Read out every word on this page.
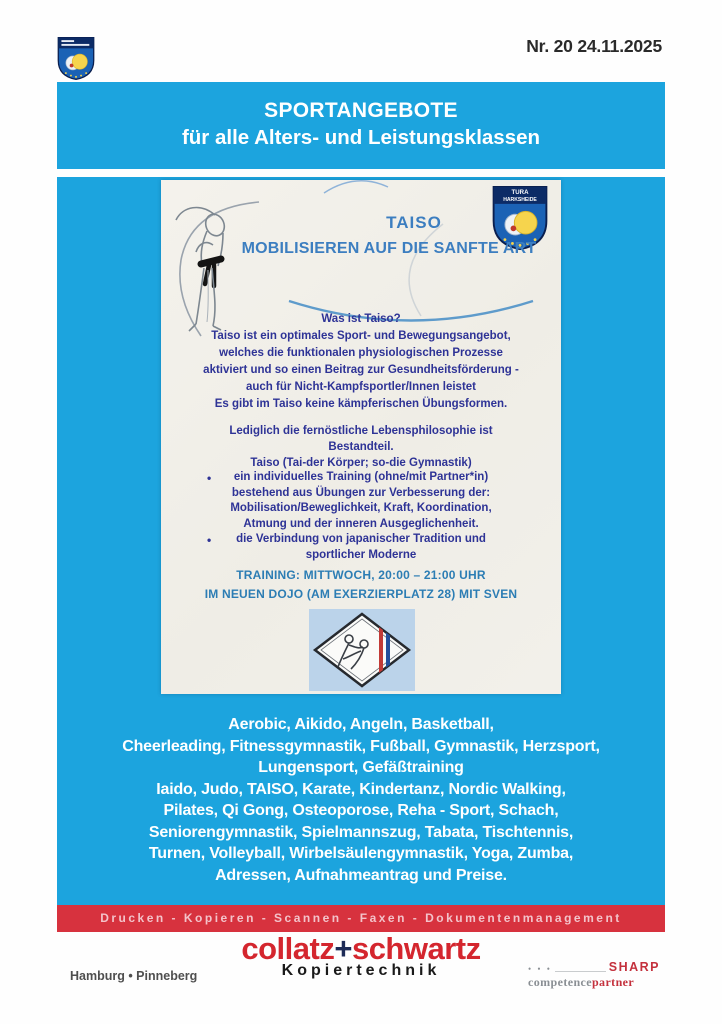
Nr. 20 24.11.2025
SPORTANGEBOTE
für alle Alters- und Leistungsklassen
TURA
HARKSHEIDE
TAISO
MOBILISIEREN AUF DIE SANFTE ART
Was ist Taiso?
Taiso ist ein optimales Sport- und Bewegungsangebot,
welches die funktionalen physiologischen Prozesse
aktiviert und so einen Beitrag zur Gesundheitsförderung -
auch für Nicht-Kampfsportler/Innen leistet
Es gibt im Taiso keine kämpferischen Übungsformen.
Lediglich die fernöstliche Lebensphilosophie ist
Bestandteil.
Taiso (Tai-der Körper; so-die Gymnastik)
•	ein individuelles Training (ohne/mit Partner*in)
bestehend aus Übungen zur Verbesserung der:
Mobilisation/Beweglichkeit, Kraft, Koordination,
Atmung und der inneren Ausgeglichenheit.
•	die Verbindung von japanischer Tradition und
sportlicher Moderne
TRAINING: MITTWOCH, 20:00 – 21:00 UHR
IM NEUEN DOJO (AM EXERZIERPLATZ 28) MIT SVEN
Aerobic, Aikido, Angeln, Basketball,
Cheerleading, Fitnessgymnastik, Fußball, Gymnastik, Herzsport,
Lungensport, Gefäßtraining
Iaido, Judo, TAISO, Karate, Kindertanz, Nordic Walking,
Pilates, Qi Gong, Osteoporose, Reha - Sport, Schach,
Seniorengymnastik, Spielmannszug, Tabata, Tischtennis,
Turnen, Volleyball, Wirbelsäulengymnastik, Yoga, Zumba,
Adressen, Aufnahmeantrag und Preise.
Drucken - Kopieren - Scannen - Faxen - Dokumentenmanagement
collatz+schwartz
Kopiertechnik
Hamburg • Pinneberg	• • •	SHARP
competencepartner
